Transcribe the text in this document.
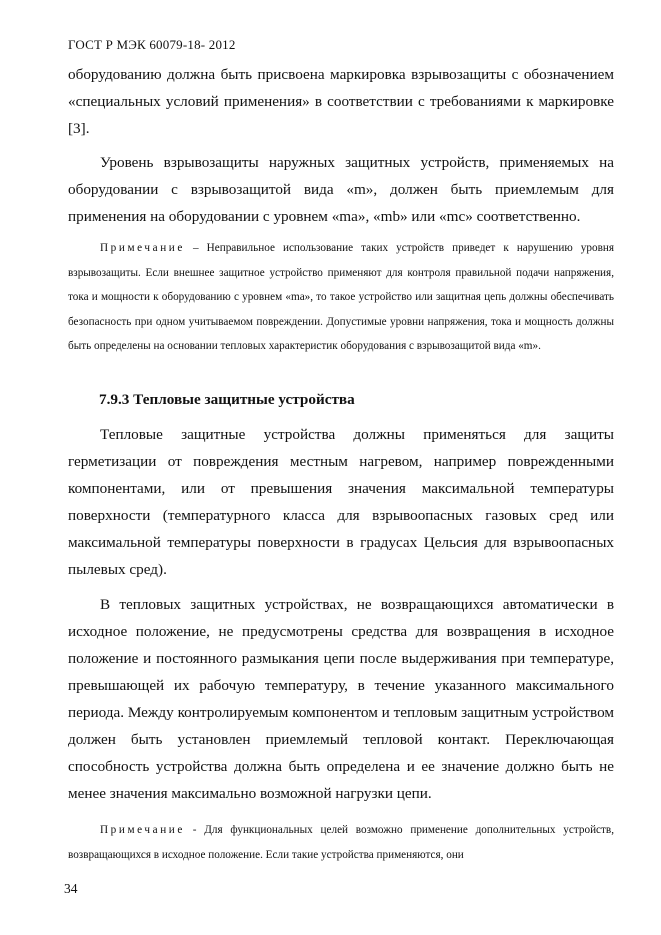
ГОСТ Р МЭК 60079-18- 2012

оборудованию должна быть присвоена маркировка взрывозащиты с обозначением «специальных условий применения» в соответствии с требованиями к маркировке [3].

Уровень взрывозащиты наружных защитных устройств, применяемых на оборудовании с взрывозащитой вида «m», должен быть приемлемым для применения на оборудовании с уровнем «ma», «mb» или «mc» соответственно.

Примечание – Неправильное использование таких устройств приведет к нарушению уровня взрывозащиты. Если внешнее защитное устройство применяют для контроля правильной подачи напряжения, тока и мощности к оборудованию с уровнем «ma», то такое устройство или защитная цепь должны обеспечивать безопасность при одном учитываемом повреждении. Допустимые уровни напряжения, тока и мощность должны быть определены на основании тепловых характеристик оборудования с взрывозащитой вида «m».

7.9.3 Тепловые защитные устройства

Тепловые защитные устройства должны применяться для защиты герметизации от повреждения местным нагревом, например поврежденными компонентами, или от превышения значения максимальной температуры поверхности (температурного класса для взрывоопасных газовых сред или максимальной температуры поверхности в градусах Цельсия для взрывоопасных пылевых сред).

В тепловых защитных устройствах, не возвращающихся автоматически в исходное положение, не предусмотрены средства для возвращения в исходное положение и постоянного размыкания цепи после выдерживания при температуре, превышающей их рабочую температуру, в течение указанного максимального периода. Между контролируемым компонентом и тепловым защитным устройством должен быть установлен приемлемый тепловой контакт. Переключающая способность устройства должна быть определена и ее значение должно быть не менее значения максимально возможной нагрузки цепи.

Примечание - Для функциональных целей возможно применение дополнительных устройств, возвращающихся в исходное положение. Если такие устройства применяются, они

34
